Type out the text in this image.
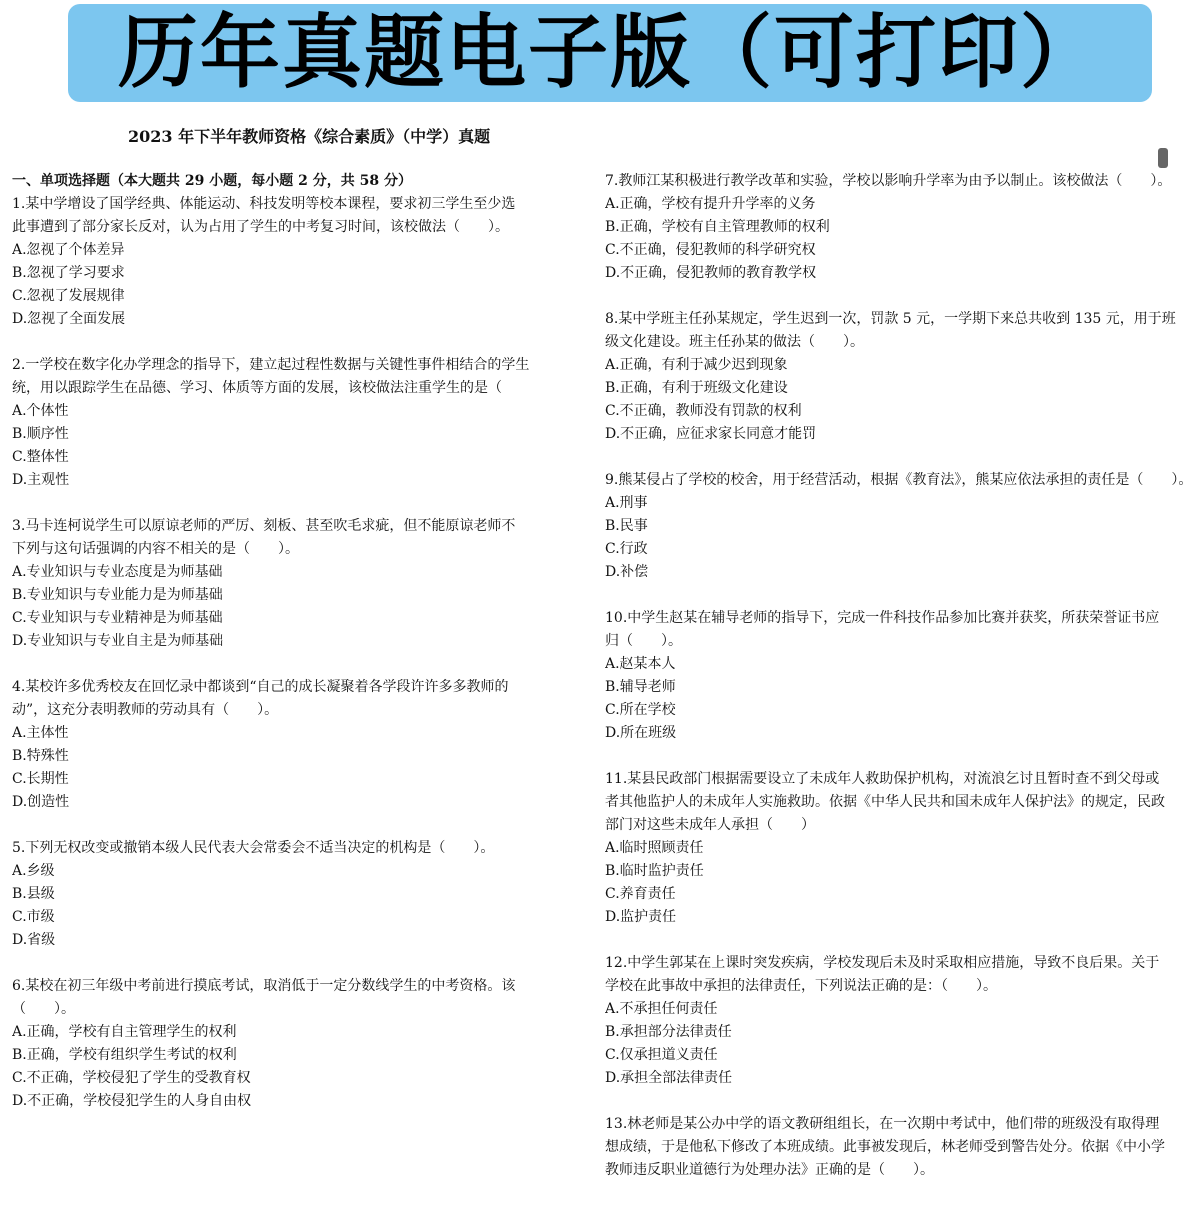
历年真题电子版（可打印）
2023 年下半年教师资格《综合素质》（中学）真题
一、单项选择题（本大题共 29 小题，每小题 2 分，共 58 分）
1.某中学增设了国学经典、体能运动、科技发明等校本课程，要求初三学生至少选
此事遭到了部分家长反对，认为占用了学生的中考复习时间，该校做法（　　）。
A.忽视了个体差异
B.忽视了学习要求
C.忽视了发展规律
D.忽视了全面发展
2.一学校在数字化办学理念的指导下，建立起过程性数据与关键性事件相结合的学生
统，用以跟踪学生在品德、学习、体质等方面的发展，该校做法注重学生的是（
A.个体性
B.顺序性
C.整体性
D.主观性
3.马卡连柯说学生可以原谅老师的严厉、刻板、甚至吹毛求疵，但不能原谅老师不
下列与这句话强调的内容不相关的是（　　）。
A.专业知识与专业态度是为师基础
B.专业知识与专业能力是为师基础
C.专业知识与专业精神是为师基础
D.专业知识与专业自主是为师基础
4.某校许多优秀校友在回忆录中都谈到“自己的成长凝聚着各学段许许多多教师的
动”，这充分表明教师的劳动具有（　　）。
A.主体性
B.特殊性
C.长期性
D.创造性
5.下列无权改变或撤销本级人民代表大会常委会不适当决定的机构是（　　）。
A.乡级
B.县级
C.市级
D.省级
6.某校在初三年级中考前进行摸底考试，取消低于一定分数线学生的中考资格。该
（　　）。
A.正确，学校有自主管理学生的权利
B.正确，学校有组织学生考试的权利
C.不正确，学校侵犯了学生的受教育权
D.不正确，学校侵犯学生的人身自由权
7.教师江某积极进行教学改革和实验，学校以影响升学率为由予以制止。该校做法（　　）。
A.正确，学校有提升升学率的义务
B.正确，学校有自主管理教师的权利
C.不正确，侵犯教师的科学研究权
D.不正确，侵犯教师的教育教学权
8.某中学班主任孙某规定，学生迟到一次，罚款 5 元，一学期下来总共收到 135 元，用于班
级文化建设。班主任孙某的做法（　　）。
A.正确，有利于减少迟到现象
B.正确，有利于班级文化建设
C.不正确，教师没有罚款的权利
D.不正确，应征求家长同意才能罚
9.熊某侵占了学校的校舍，用于经营活动，根据《教育法》，熊某应依法承担的责任是（　　）。
A.刑事
B.民事
C.行政
D.补偿
10.中学生赵某在辅导老师的指导下，完成一件科技作品参加比赛并获奖，所获荣誉证书应
归（　　）。
A.赵某本人
B.辅导老师
C.所在学校
D.所在班级
11.某县民政部门根据需要设立了未成年人救助保护机构，对流浪乞讨且暂时查不到父母或
者其他监护人的未成年人实施救助。依据《中华人民共和国未成年人保护法》的规定，民政
部门对这些未成年人承担（　　）
A.临时照顾责任
B.临时监护责任
C.养育责任
D.监护责任
12.中学生郭某在上课时突发疾病，学校发现后未及时采取相应措施，导致不良后果。关于
学校在此事故中承担的法律责任，下列说法正确的是：（　　）。
A.不承担任何责任
B.承担部分法律责任
C.仅承担道义责任
D.承担全部法律责任
13.林老师是某公办中学的语文教研组组长，在一次期中考试中，他们带的班级没有取得理
想成绩，于是他私下修改了本班成绩。此事被发现后，林老师受到警告处分。依据《中小学
教师违反职业道德行为处理办法》正确的是（　　）。
